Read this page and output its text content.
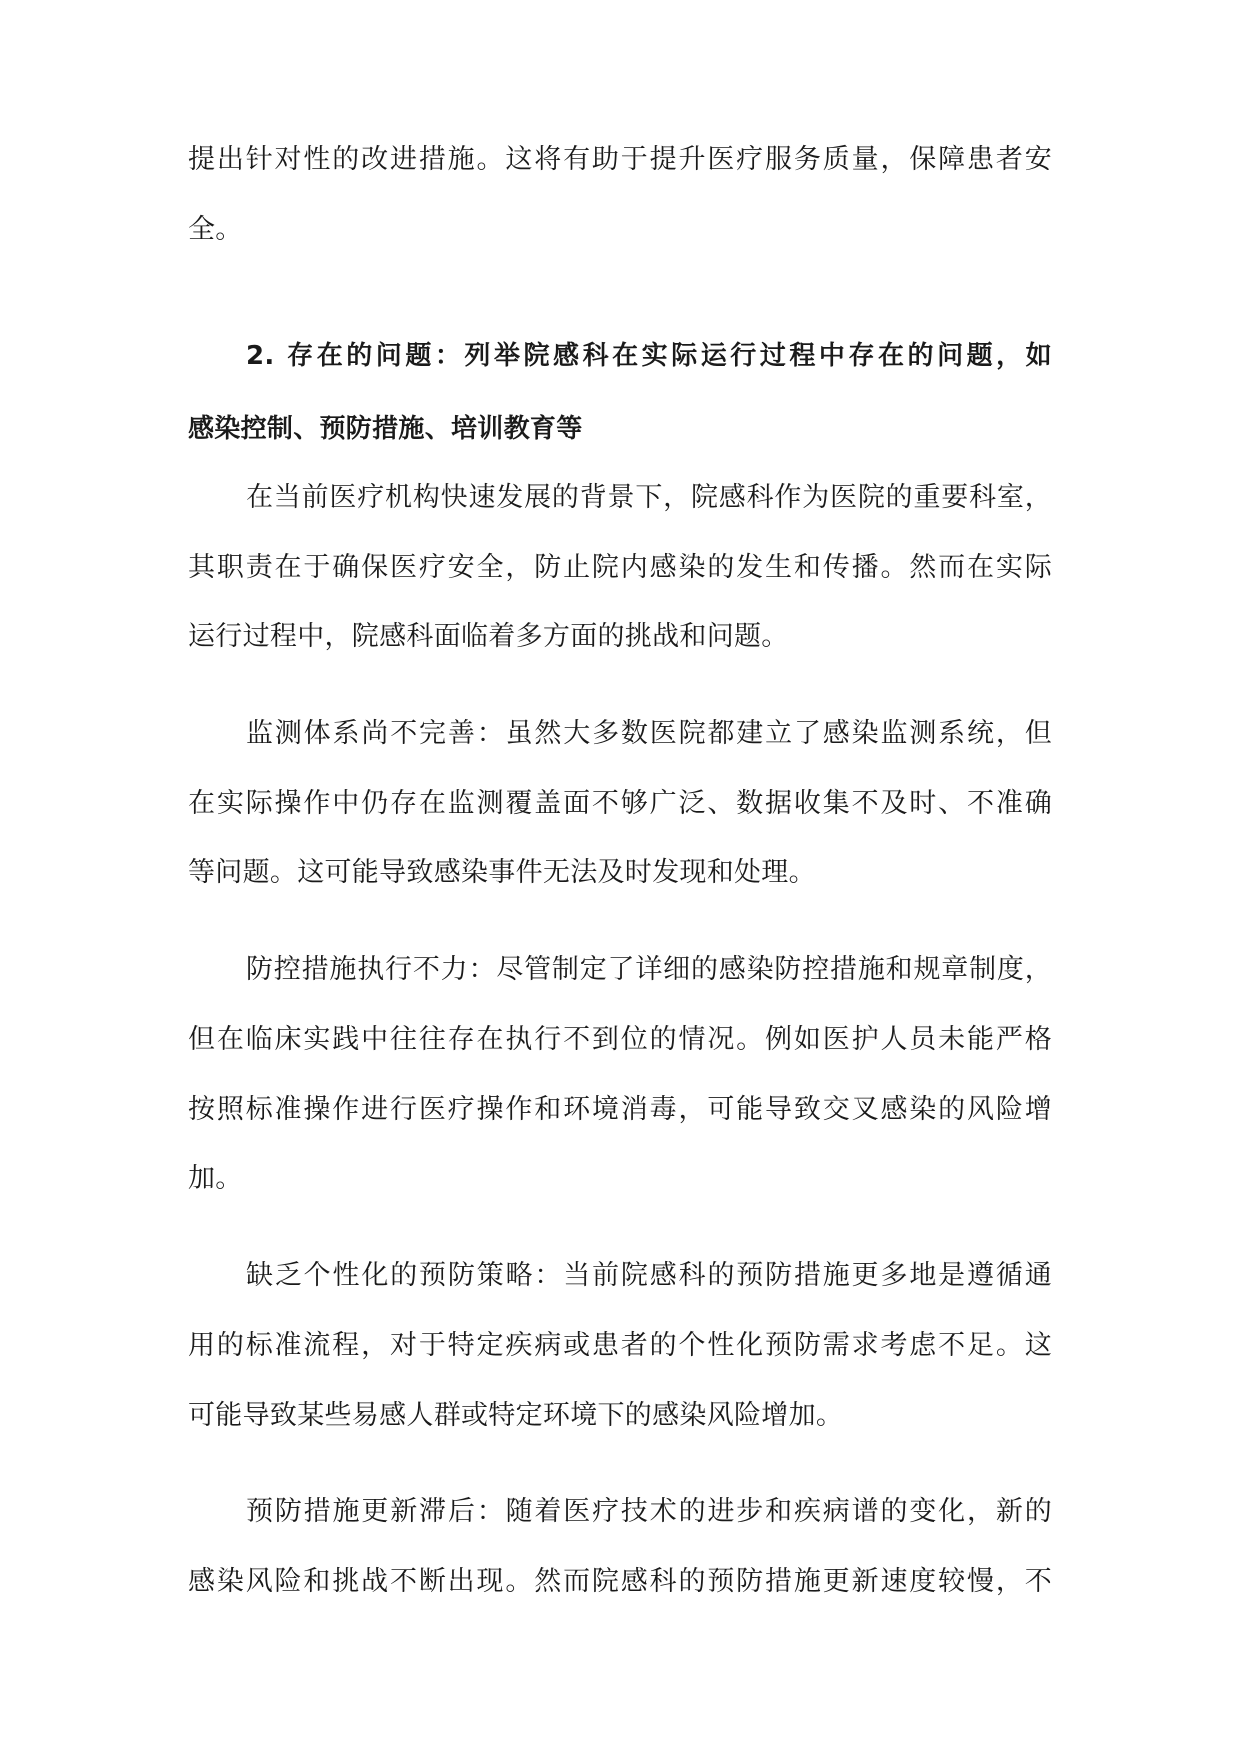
提出针对性的改进措施。这将有助于提升医疗服务质量，保障患者安
全。
2. 存在的问题：列举院感科在实际运行过程中存在的问题，如
感染控制、预防措施、培训教育等
在当前医疗机构快速发展的背景下，院感科作为医院的重要科室，
其职责在于确保医疗安全，防止院内感染的发生和传播。然而在实际
运行过程中，院感科面临着多方面的挑战和问题。
监测体系尚不完善：虽然大多数医院都建立了感染监测系统，但
在实际操作中仍存在监测覆盖面不够广泛、数据收集不及时、不准确
等问题。这可能导致感染事件无法及时发现和处理。
防控措施执行不力：尽管制定了详细的感染防控措施和规章制度，
但在临床实践中往往存在执行不到位的情况。例如医护人员未能严格
按照标准操作进行医疗操作和环境消毒，可能导致交叉感染的风险增
加。
缺乏个性化的预防策略：当前院感科的预防措施更多地是遵循通
用的标准流程，对于特定疾病或患者的个性化预防需求考虑不足。这
可能导致某些易感人群或特定环境下的感染风险增加。
预防措施更新滞后：随着医疗技术的进步和疾病谱的变化，新的
感染风险和挑战不断出现。然而院感科的预防措施更新速度较慢，不
